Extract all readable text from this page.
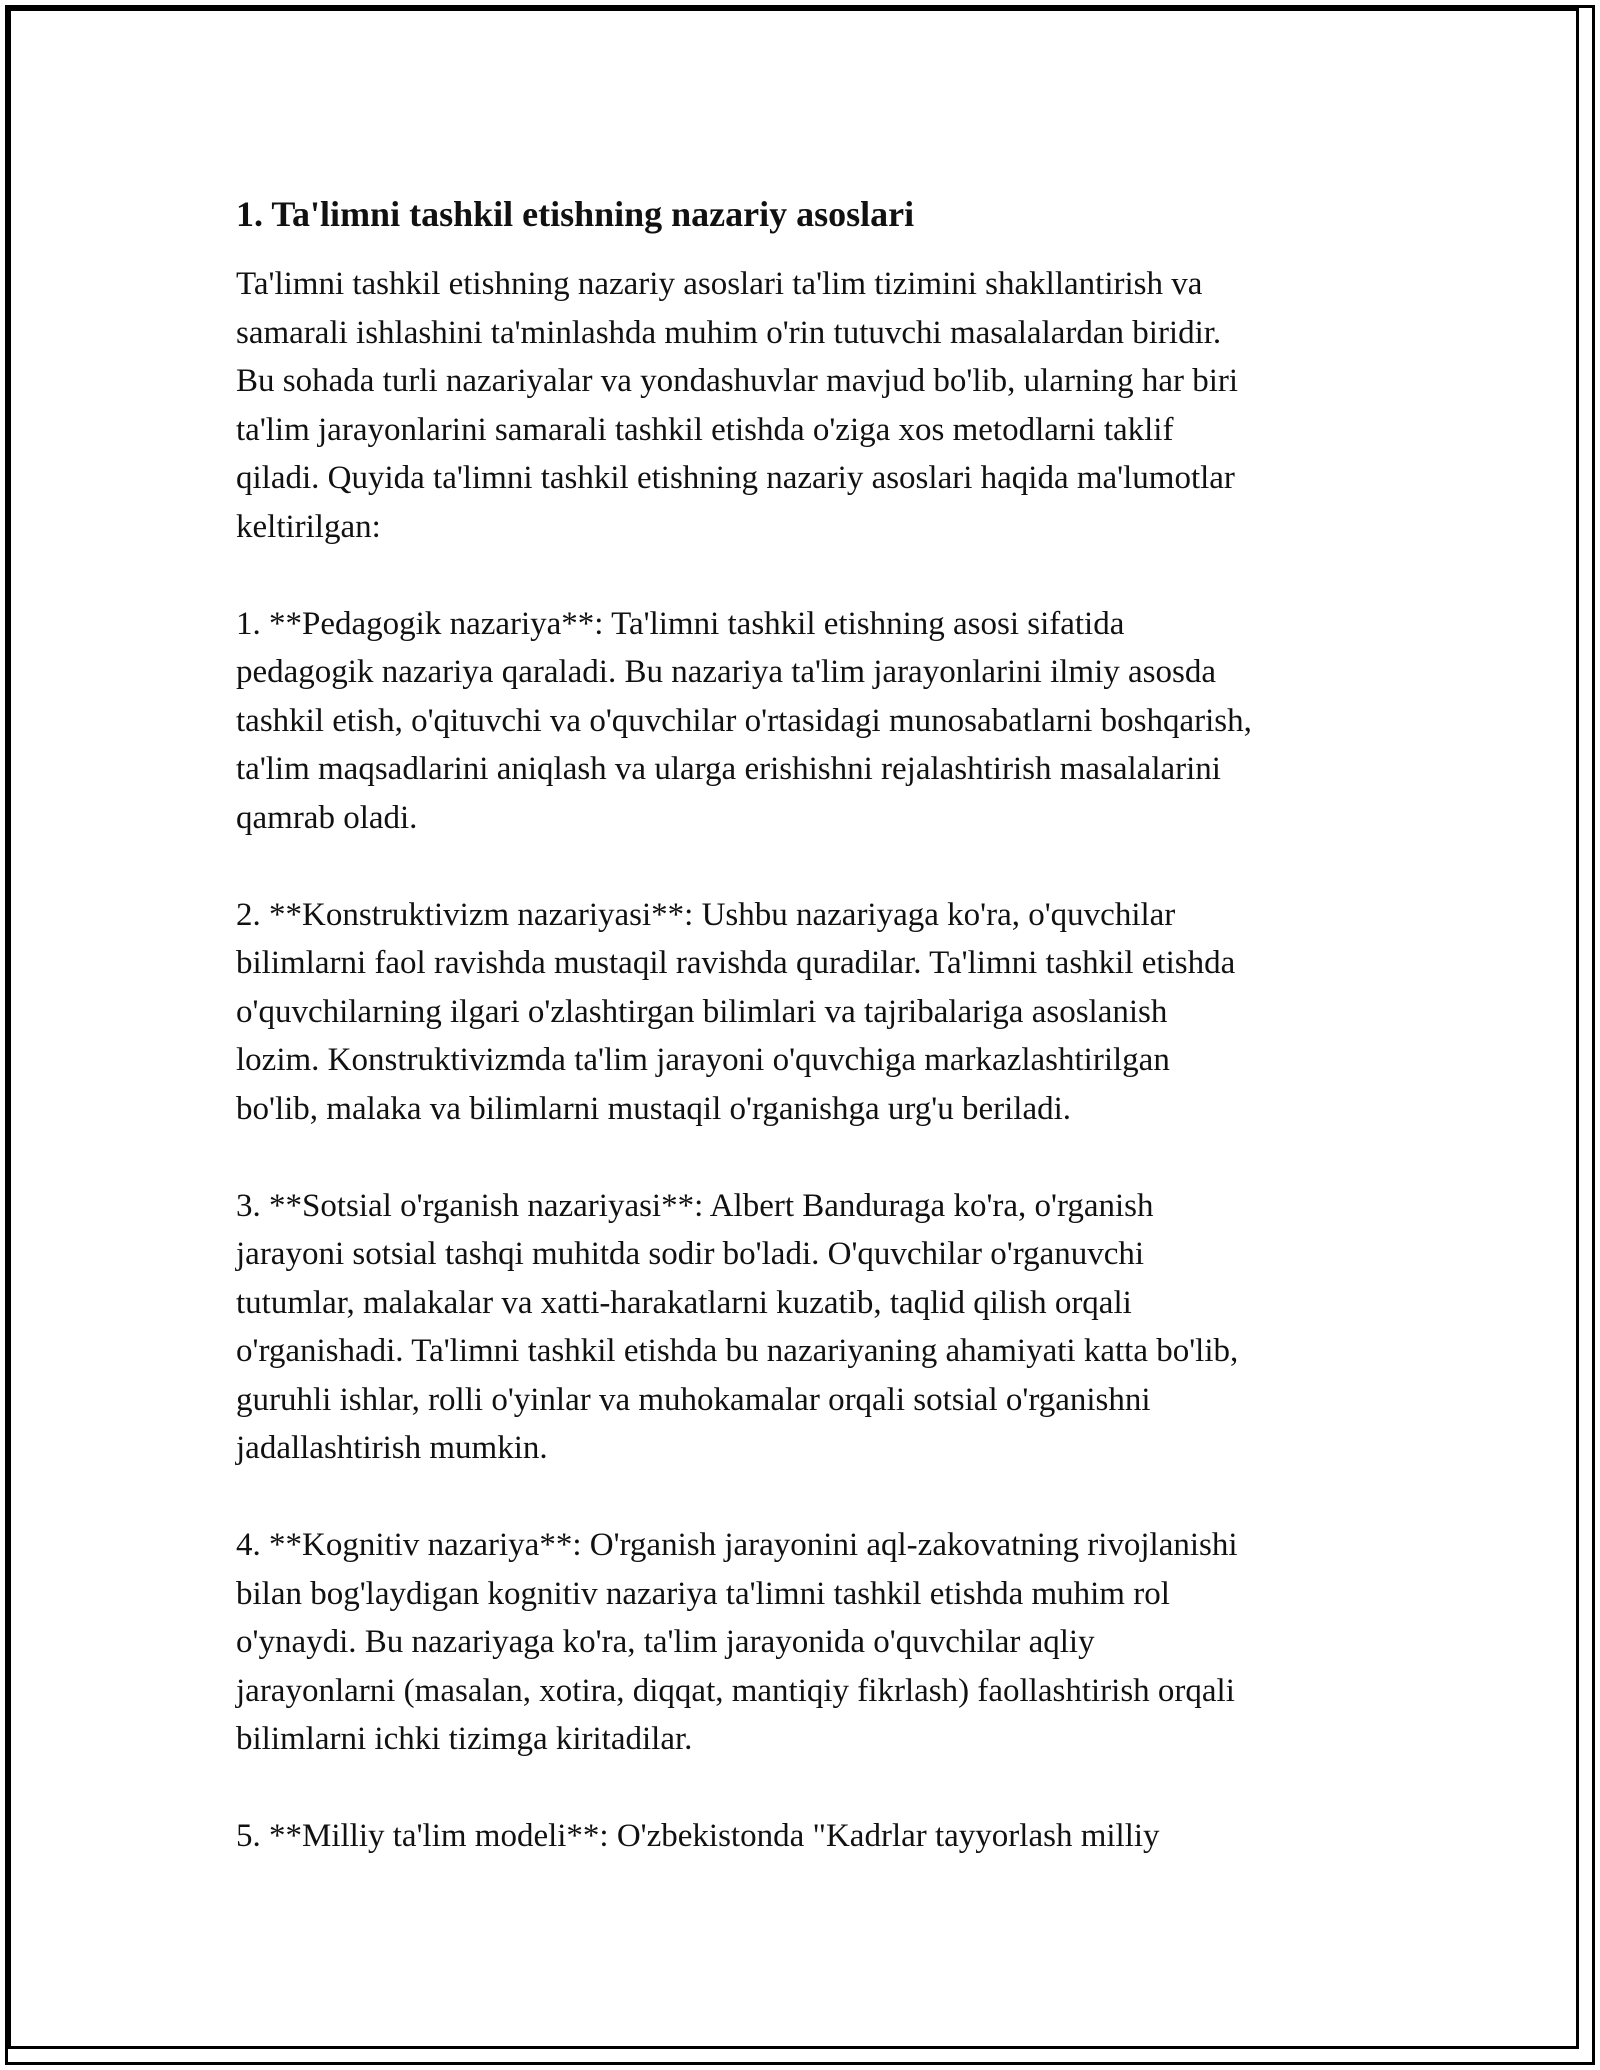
1. Ta'limni tashkil etishning nazariy asoslari
Ta'limni tashkil etishning nazariy asoslari ta'lim tizimini shakllantirish va
samarali ishlashini ta'minlashda muhim o'rin tutuvchi masalalardan biridir.
Bu sohada turli nazariyalar va yondashuvlar mavjud bo'lib, ularning har biri
ta'lim jarayonlarini samarali tashkil etishda o'ziga xos metodlarni taklif
qiladi. Quyida ta'limni tashkil etishning nazariy asoslari haqida ma'lumotlar
keltirilgan:
1. **Pedagogik nazariya**: Ta'limni tashkil etishning asosi sifatida
pedagogik nazariya qaraladi. Bu nazariya ta'lim jarayonlarini ilmiy asosda
tashkil etish, o'qituvchi va o'quvchilar o'rtasidagi munosabatlarni boshqarish,
ta'lim maqsadlarini aniqlash va ularga erishishni rejalashtirish masalalarini
qamrab oladi.
2. **Konstruktivizm nazariyasi**: Ushbu nazariyaga ko'ra, o'quvchilar
bilimlarni faol ravishda mustaqil ravishda quradilar. Ta'limni tashkil etishda
o'quvchilarning ilgari o'zlashtirgan bilimlari va tajribalariga asoslanish
lozim. Konstruktivizmda ta'lim jarayoni o'quvchiga markazlashtirilgan
bo'lib, malaka va bilimlarni mustaqil o'rganishga urg'u beriladi.
3. **Sotsial o'rganish nazariyasi**: Albert Banduraga ko'ra, o'rganish
jarayoni sotsial tashqi muhitda sodir bo'ladi. O'quvchilar o'rganuvchi
tutumlar, malakalar va xatti-harakatlarni kuzatib, taqlid qilish orqali
o'rganishadi. Ta'limni tashkil etishda bu nazariyaning ahamiyati katta bo'lib,
guruhli ishlar, rolli o'yinlar va muhokamalar orqali sotsial o'rganishni
jadallashtirish mumkin.
4. **Kognitiv nazariya**: O'rganish jarayonini aql-zakovatning rivojlanishi
bilan bog'laydigan kognitiv nazariya ta'limni tashkil etishda muhim rol
o'ynaydi. Bu nazariyaga ko'ra, ta'lim jarayonida o'quvchilar aqliy
jarayonlarni (masalan, xotira, diqqat, mantiqiy fikrlash) faollashtirish orqali
bilimlarni ichki tizimga kiritadilar.
5. **Milliy ta'lim modeli**: O'zbekistonda "Kadrlar tayyorlash milliy
